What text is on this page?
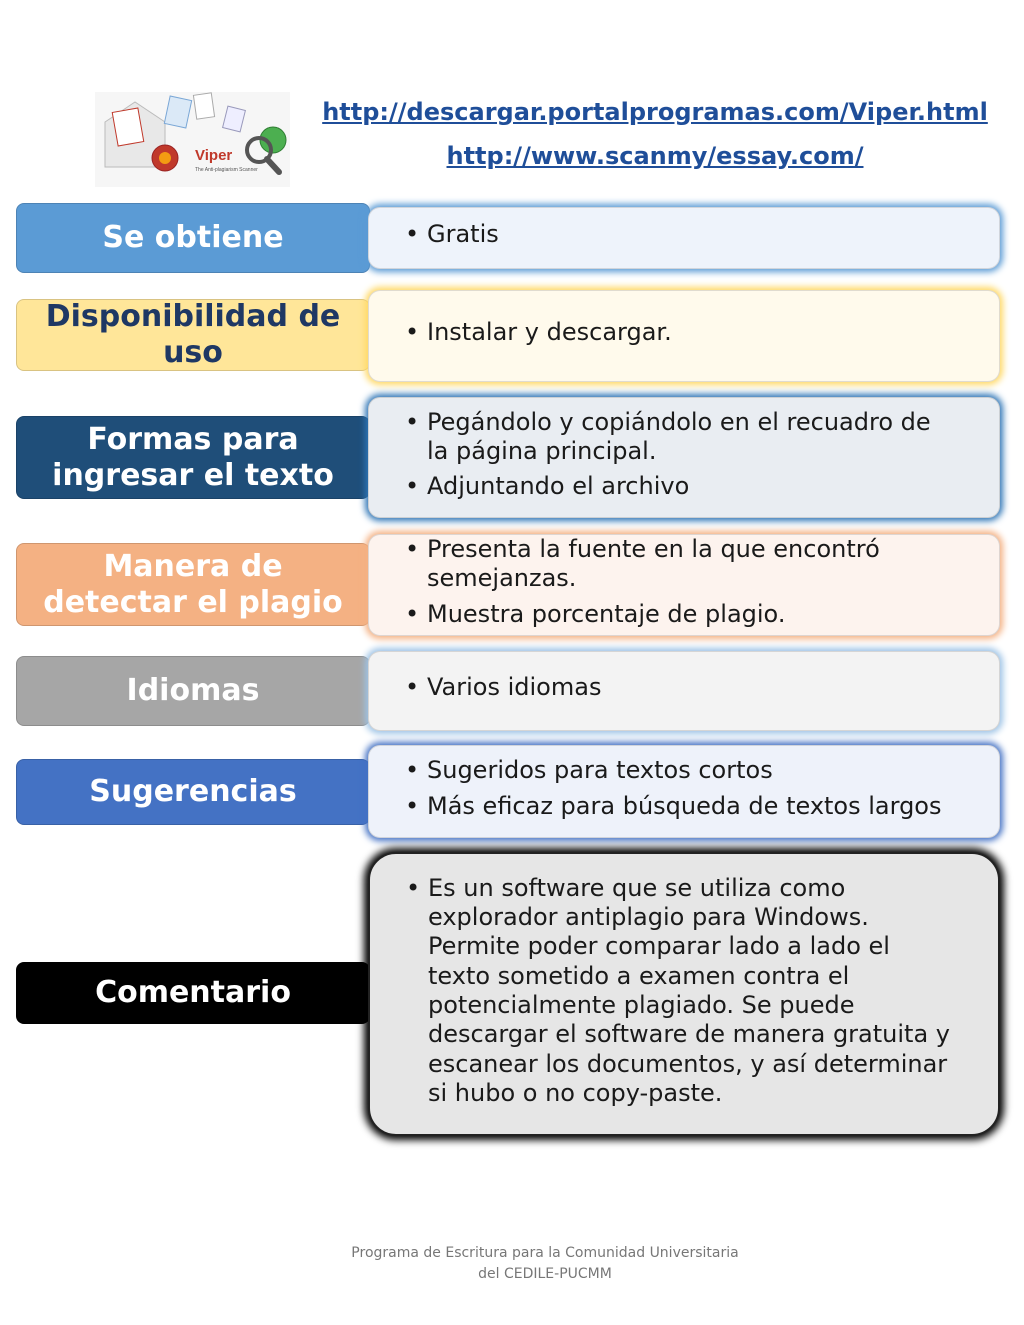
Viper
The Anti-plagiarism Scanner
http://descargar.portalprogramas.com/Viper.html
http://www.scanmy/essay.com/
Se obtiene	• Gratis
Disponibilidad de uso
• Instalar y descargar.
Formas para ingresar el texto
• Pegándolo y copiándolo en el recuadro de la página principal.
• Adjuntando el archivo
Manera de detectar el plagio
• Presenta la fuente en la que encontró semejanzas.
• Muestra porcentaje de plagio.
Idiomas	• Varios idiomas
Sugerencias
• Sugeridos para textos cortos
• Más eficaz para búsqueda de textos largos
Comentario
• Es un software que se utiliza como explorador antiplagio para Windows. Permite poder comparar lado a lado el texto sometido a examen contra el potencialmente plagiado. Se puede descargar el software de manera gratuita y escanear los documentos, y así determinar si hubo o no copy-paste.
Programa de Escritura para la Comunidad Universitaria
del CEDILE-PUCMM
